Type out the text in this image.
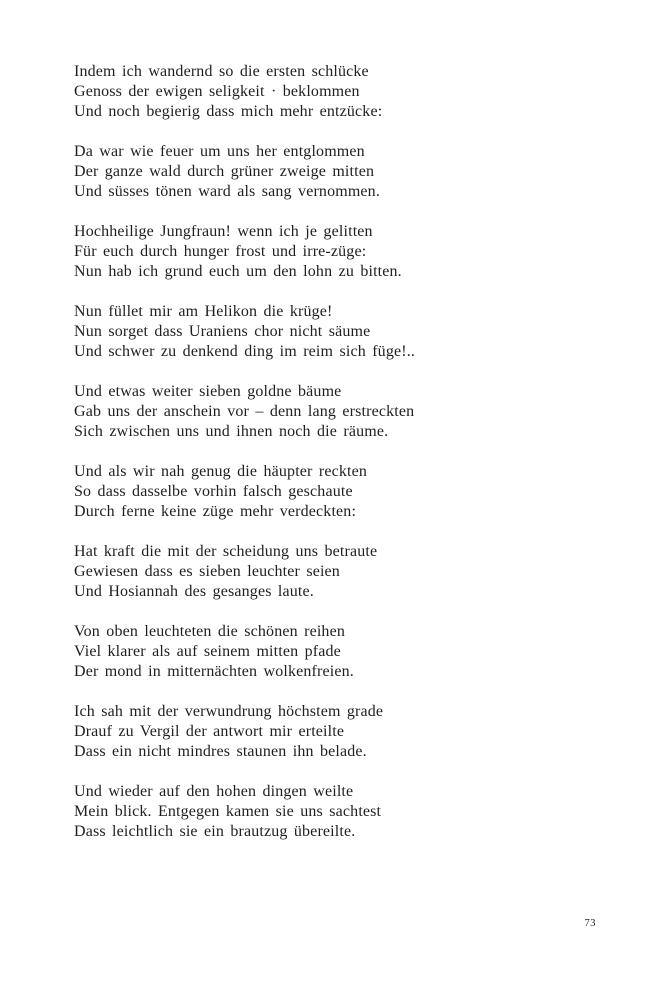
Indem ich wandernd so die ersten schlücke
Genoss der ewigen seligkeit · beklommen
Und noch begierig dass mich mehr entzücke:
Da war wie feuer um uns her entglommen
Der ganze wald durch grüner zweige mitten
Und süsses tönen ward als sang vernommen.
Hochheilige Jungfraun! wenn ich je gelitten
Für euch durch hunger frost und irre-züge:
Nun hab ich grund euch um den lohn zu bitten.
Nun füllet mir am Helikon die krüge!
Nun sorget dass Uraniens chor nicht säume
Und schwer zu denkend ding im reim sich füge!..
Und etwas weiter sieben goldne bäume
Gab uns der anschein vor – denn lang erstreckten
Sich zwischen uns und ihnen noch die räume.
Und als wir nah genug die häupter reckten
So dass dasselbe vorhin falsch geschaute
Durch ferne keine züge mehr verdeckten:
Hat kraft die mit der scheidung uns betraute
Gewiesen dass es sieben leuchter seien
Und Hosiannah des gesanges laute.
Von oben leuchteten die schönen reihen
Viel klarer als auf seinem mitten pfade
Der mond in mitternächten wolkenfreien.
Ich sah mit der verwundrung höchstem grade
Drauf zu Vergil der antwort mir erteilte
Dass ein nicht mindres staunen ihn belade.
Und wieder auf den hohen dingen weilte
Mein blick. Entgegen kamen sie uns sachtest
Dass leichtlich sie ein brautzug übereilte.
73
